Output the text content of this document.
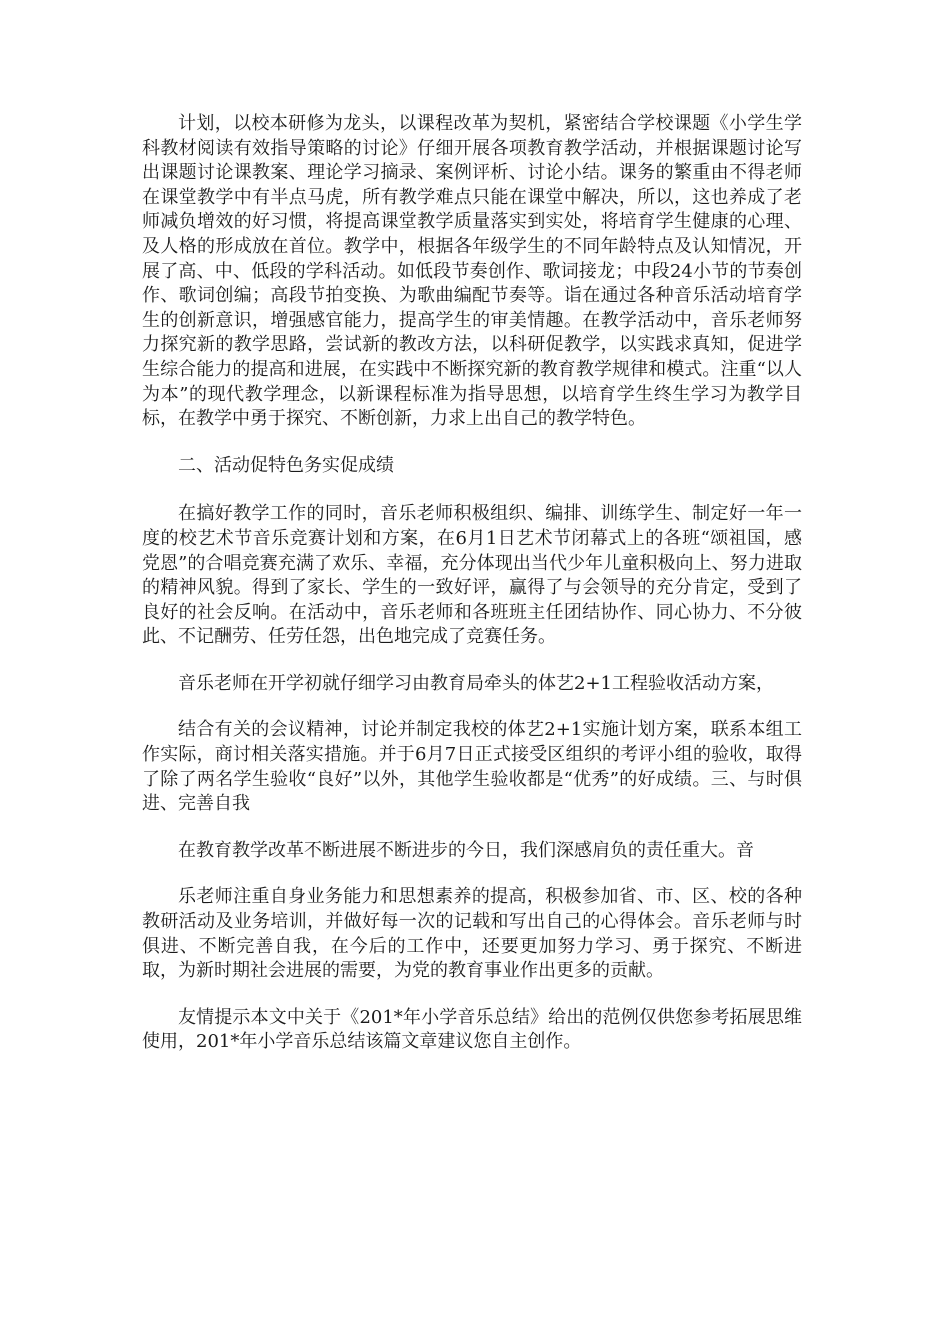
计划，以校本研修为龙头，以课程改革为契机，紧密结合学校课题《小学生学科教材阅读有效指导策略的讨论》仔细开展各项教育教学活动，并根据课题讨论写出课题讨论课教案、理论学习摘录、案例评析、讨论小结。课务的繁重由不得老师在课堂教学中有半点马虎，所有教学难点只能在课堂中解决，所以，这也养成了老师减负增效的好习惯，将提高课堂教学质量落实到实处，将培育学生健康的心理、及人格的形成放在首位。教学中，根据各年级学生的不同年龄特点及认知情况，开展了高、中、低段的学科活动。如低段节奏创作、歌词接龙；中段24小节的节奏创作、歌词创编；高段节拍变换、为歌曲编配节奏等。诣在通过各种音乐活动培育学生的创新意识，增强感官能力，提高学生的审美情趣。在教学活动中，音乐老师努力探究新的教学思路，尝试新的教改方法，以科研促教学，以实践求真知，促进学生综合能力的提高和进展，在实践中不断探究新的教育教学规律和模式。注重“以人为本”的现代教学理念，以新课程标准为指导思想，以培育学生终生学习为教学目标，在教学中勇于探究、不断创新，力求上出自己的教学特色。

二、活动促特色务实促成绩

在搞好教学工作的同时，音乐老师积极组织、编排、训练学生、制定好一年一度的校艺术节音乐竞赛计划和方案，在6月1日艺术节闭幕式上的各班“颂祖国，感党恩”的合唱竞赛充满了欢乐、幸福，充分体现出当代少年儿童积极向上、努力进取的精神风貌。得到了家长、学生的一致好评，赢得了与会领导的充分肯定，受到了良好的社会反响。在活动中，音乐老师和各班班主任团结协作、同心协力、不分彼此、不记酬劳、任劳任怨，出色地完成了竞赛任务。

音乐老师在开学初就仔细学习由教育局牵头的体艺2+1工程验收活动方案，

结合有关的会议精神，讨论并制定我校的体艺2+1实施计划方案，联系本组工作实际，商讨相关落实措施。并于6月7日正式接受区组织的考评小组的验收，取得了除了两名学生验收“良好”以外，其他学生验收都是“优秀”的好成绩。三、与时俱进、完善自我

在教育教学改革不断进展不断进步的今日，我们深感肩负的责任重大。音

乐老师注重自身业务能力和思想素养的提高，积极参加省、市、区、校的各种教研活动及业务培训，并做好每一次的记载和写出自己的心得体会。音乐老师与时俱进、不断完善自我，在今后的工作中，还要更加努力学习、勇于探究、不断进取，为新时期社会进展的需要，为党的教育事业作出更多的贡献。

友情提示本文中关于《201*年小学音乐总结》给出的范例仅供您参考拓展思维使用，201*年小学音乐总结该篇文章建议您自主创作。
